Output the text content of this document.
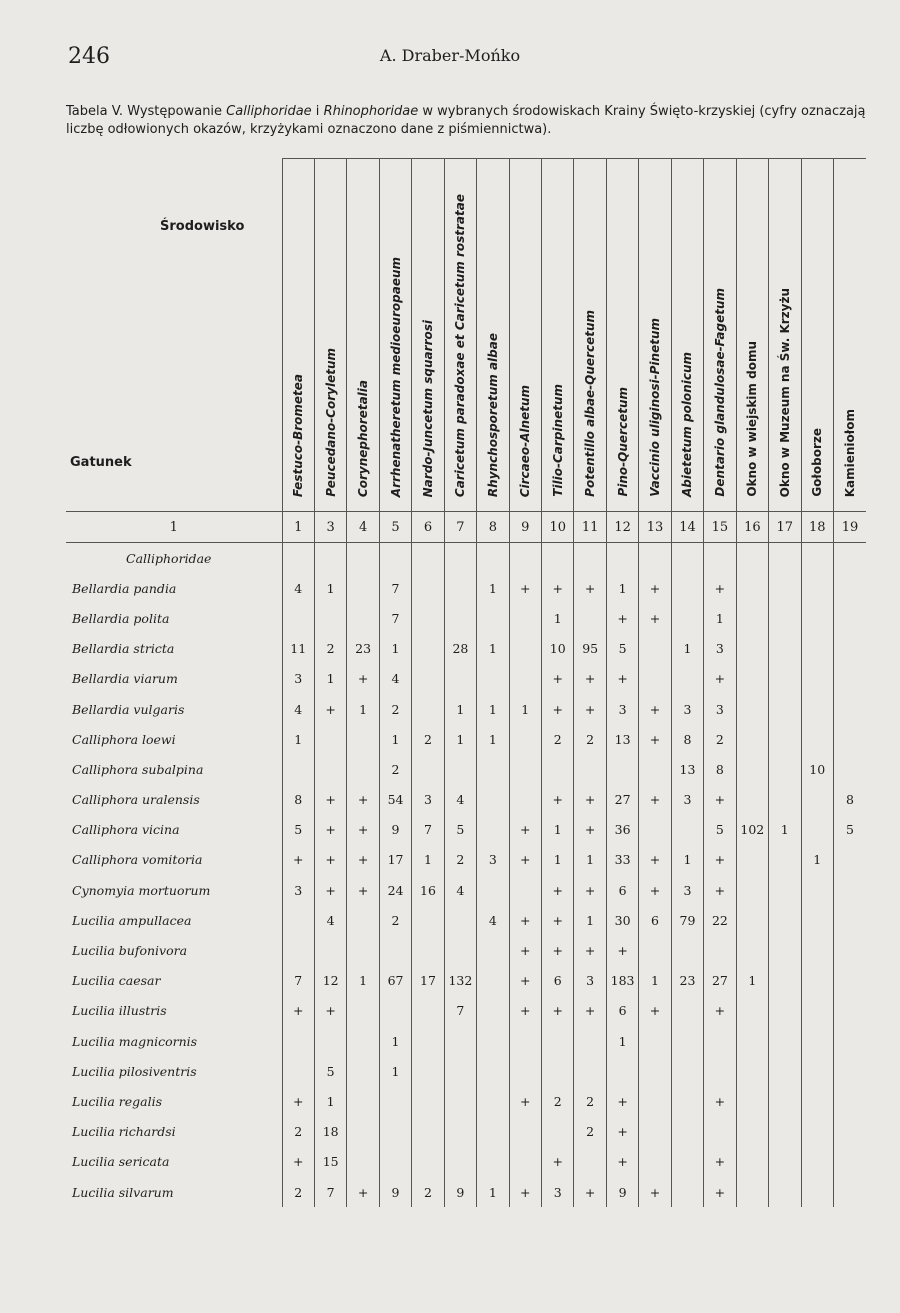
246	A. Draber-Mońko
Tabela V. Występowanie Calliphoridae i Rhinophoridae w wybranych środowiskach Krainy Święto-krzyskiej (cyfry oznaczają liczbę odłowionych okazów, krzyżykami oznaczono dane z piśmiennictwa).
Środowisko
Gatunek	Festuco-Brometea	Peucedano-Coryletum	Corynephoretalia	Arrhenatheretum medioeuropaeum	Nardo-Juncetum squarrosi	Caricetum paradoxae et Caricetum rostratae	Rhynchosporetum albae	Circaeo-Alnetum	Tilio-Carpinetum	Potentillo albae-Quercetum	Pino-Quercetum	Vaccinio uliginosi-Pinetum	Abietetum polonicum	Dentario glandulosae-Fagetum	Okno w wiejskim domu	Okno w Muzeum na Św. Krzyżu	Gołoborze	Kamieniołom

1	1	3	4	5	6	7	8	9	10	11	12	13	14	15	16	17	18	19
Calliphoridae																		
Bellardia pandia	4	1		7			1	+	+	+	1	+		+				
Bellardia polita				7					1		+	+		1				
Bellardia stricta	11	2	23	1		28	1		10	95	5		1	3				
Bellardia viarum	3	1	+	4					+	+	+			+				
Bellardia vulgaris	4	+	1	2		1	1	1	+	+	3	+	3	3				
Calliphora loewi	1			1	2	1	1		2	2	13	+	8	2				
Calliphora subalpina				2									13	8			10	
Calliphora uralensis	8	+	+	54	3	4			+	+	27	+	3	+				8
Calliphora vicina	5	+	+	9	7	5		+	1	+	36			5	102	1		5
Calliphora vomitoria	+	+	+	17	1	2	3	+	1	1	33	+	1	+			1	
Cynomyia mortuorum	3	+	+	24	16	4			+	+	6	+	3	+				
Lucilia ampullacea		4		2			4	+	+	1	30	6	79	22				
Lucilia bufonivora								+	+	+	+							
Lucilia caesar	7	12	1	67	17	132		+	6	3	183	1	23	27	1			
Lucilia illustris	+	+				7		+	+	+	6	+		+				
Lucilia magnicornis				1							1							
Lucilia pilosiventris		5		1														
Lucilia regalis	+	1						+	2	2	+			+				
Lucilia richardsi	2	18								2	+							
Lucilia sericata	+	15							+		+			+				
Lucilia silvarum	2	7	+	9	2	9	1	+	3	+	9	+		+				
